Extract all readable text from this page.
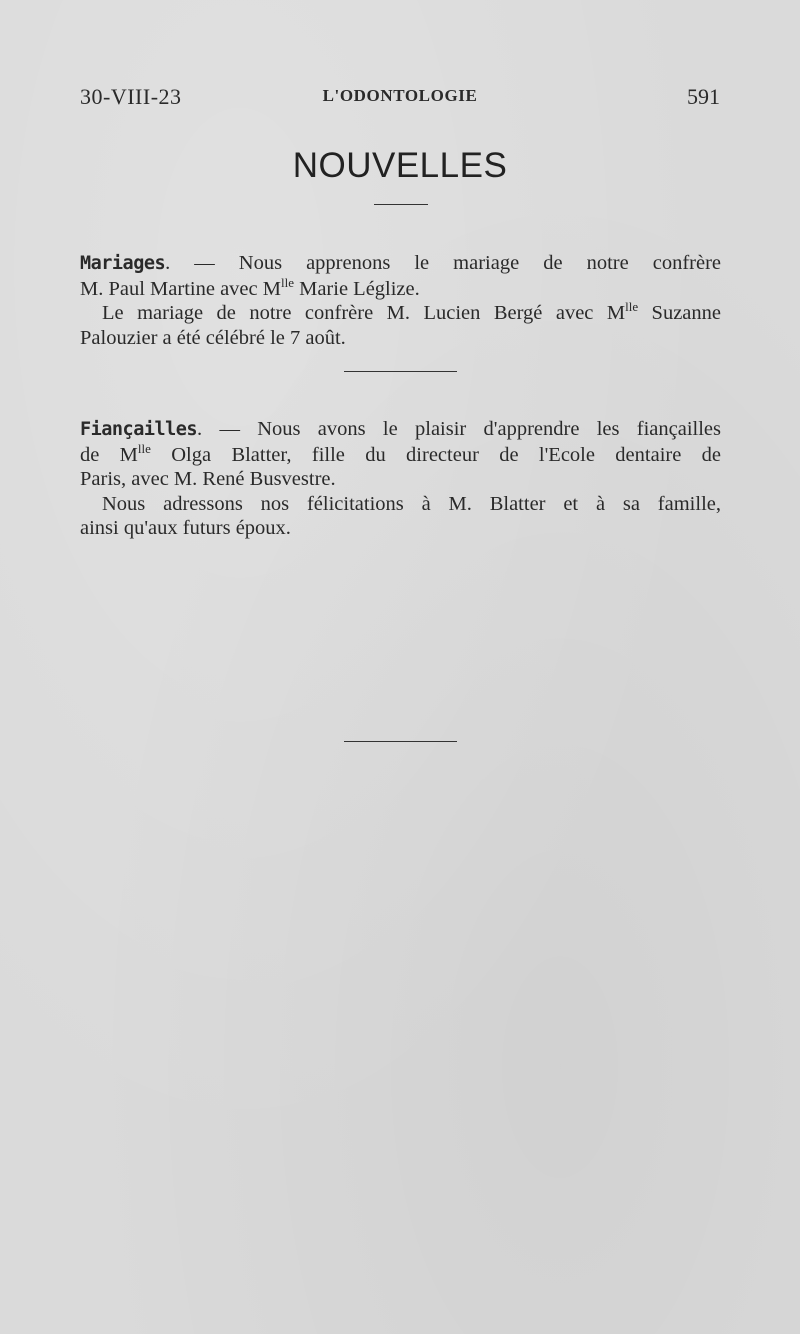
30-VIII-23	L'ODONTOLOGIE	591
NOUVELLES

Mariages. — Nous apprenons le mariage de notre confrère

M. Paul Martine avec $M^{lle}$ Marie Léglize.

Le mariage de notre confrère M. Lucien Bergé avec $M^{lle}$ Suzanne

Palouzier a été célébré le 7 août.

Fiançailles. — Nous avons le plaisir d'apprendre les fiançailles

de $M^{lle}$ Olga Blatter, fille du directeur de l'Ecole dentaire de

Paris, avec M. René Busvestre.

Nous adressons nos félicitations à M. Blatter et à sa famille,

ainsi qu'aux futurs époux.
